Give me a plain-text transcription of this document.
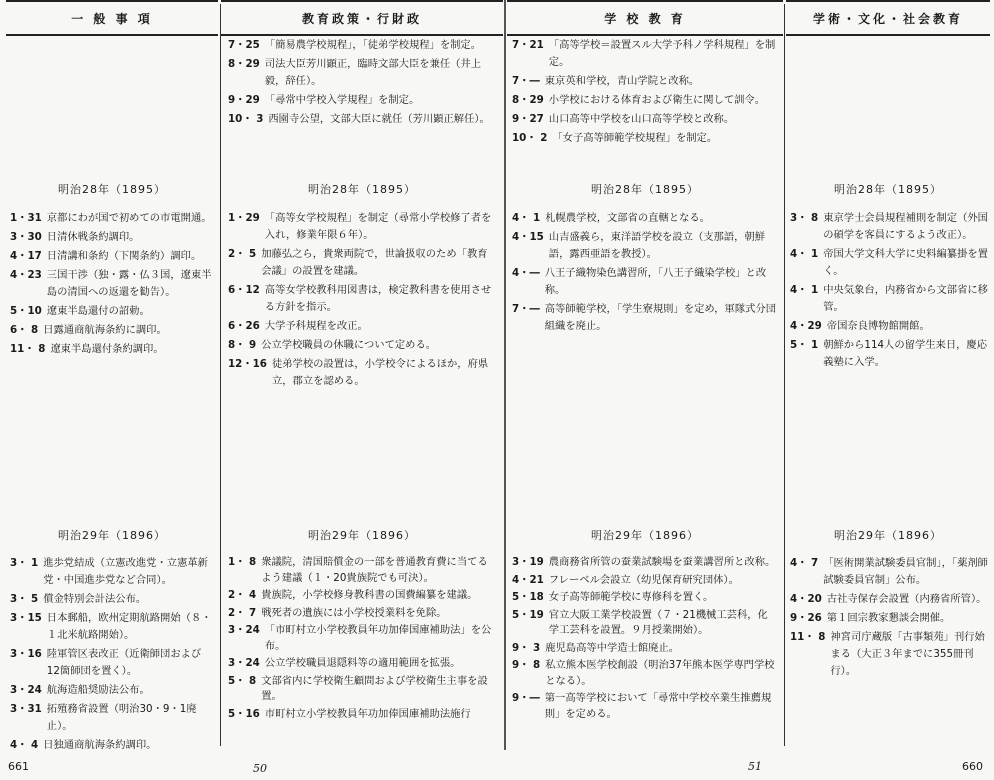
一 般 事 項	教育政策・行財政	学 校 教 育	学術・文化・社会教育
7・25 「簡易農学校規程」，「徒弟学校規程」を制定。
8・29 司法大臣芳川顕正，臨時文部大臣を兼任（井上毅，辞任）。
9・29 「尋常中学校入学規程」を制定。
10・ 3 西園寺公望，文部大臣に就任（芳川顕正解任）。
7・21 「高等学校＝設置スル大学予科ノ学科規程」を制定。
7・― 東京英和学校，青山学院と改称。
8・29 小学校における体育および衛生に関して訓令。
9・27 山口高等中学校を山口高等学校と改称。
10・ 2 「女子高等師範学校規程」を制定。
明治28年（1895）	明治28年（1895）	明治28年（1895）	明治28年（1895）
1・31 京都にわが国で初めての市電開通。
3・30 日清休戦条約調印。
4・17 日清講和条約（下関条約）調印。
4・23 三国干渉（独・露・仏３国，遼東半島の清国への返還を勧告）。
5・10 遼東半島還付の詔勅。
6・ 8 日露通商航海条約に調印。
11・ 8 遼東半島還付条約調印。
1・29 「高等女学校規程」を制定（尋常小学校修了者を入れ，修業年限６年）。
2・ 5 加藤弘之ら，貴衆両院で，世論扱収のため「教育会議」の設置を建議。
6・12 高等女学校教科用図書は，検定教科書を使用させる方針を指示。
6・26 大学予科規程を改正。
8・ 9 公立学校職員の休職について定める。
12・16 徒弟学校の設置は，小学校令によるほか，府県立，郡立を認める。
4・ 1 札幌農学校，文部省の直轄となる。
4・15 山吉盛義ら，東洋語学校を設立（支那語，朝鮮語，露西亜語を教授）。
4・― 八王子織物染色講習所，「八王子織染学校」と改称。
7・― 高等師範学校，「学生寮規則」を定め，軍隊式分団組織を廃止。
3・ 8 東京学士会員規程補則を制定（外国の碩学を客員にするよう改正）。
4・ 1 帝国大学文科大学に史料編纂掛を置く。
4・ 1 中央気象台，内務省から文部省に移管。
4・29 帝国奈良博物館開館。
5・ 1 朝鮮から114人の留学生来日，慶応義塾に入学。
明治29年（1896）	明治29年（1896）	明治29年（1896）	明治29年（1896）
3・ 1 進歩党結成（立憲改進党・立憲革新党・中国進歩党など合同）。
3・ 5 償金特別会計法公布。
3・15 日本郵船，欧州定期航路開始（８・１北米航路開始）。
3・16 陸軍管区表改正（近衛師団および12箇師団を置く）。
3・24 航海造船奨励法公布。
3・31 拓殖務省設置（明治30・9・1廃止）。
4・ 4 日独通商航海条約調印。
1・ 8 衆議院，清国賠償金の一部を普通教育費に当てるよう建議（１・20貴族院でも可決）。
2・ 4 貴族院，小学校修身教科書の国費編纂を建議。
2・ 7 戦死者の遺族には小学校授業料を免除。
3・24 「市町村立小学校教員年功加俸国庫補助法」を公布。
3・24 公立学校職員退隠料等の適用範囲を拡張。
5・ 8 文部省内に学校衛生顧問および学校衛生主事を設置。
5・16 市町村立小学校教員年功加俸国庫補助法施行
3・19 農商務省所管の蚕業試験場を蚕業講習所と改称。
4・21 フレーベル会設立（幼児保育研究団体）。
5・18 女子高等師範学校に専修科を置く。
5・19 官立大阪工業学校設置（７・21機械工芸科，化学工芸科を設置。９月授業開始）。
9・ 3 鹿児島高等中学造士館廃止。
9・ 8 私立熊本医学校創設（明治37年熊本医学専門学校となる）。
9・― 第一高等学校において「尋常中学校卒業生推薦規則」を定める。
4・ 7 「医術開業試験委員官制」，「薬剤師試験委員官制」公布。
4・20 古社寺保存会設置（内務省所管）。
9・26 第１回宗教家懇談会開催。
11・ 8 神宮司庁蔵版「古事類苑」刊行始まる（大正３年までに355冊刊行）。
661	50	51	660
